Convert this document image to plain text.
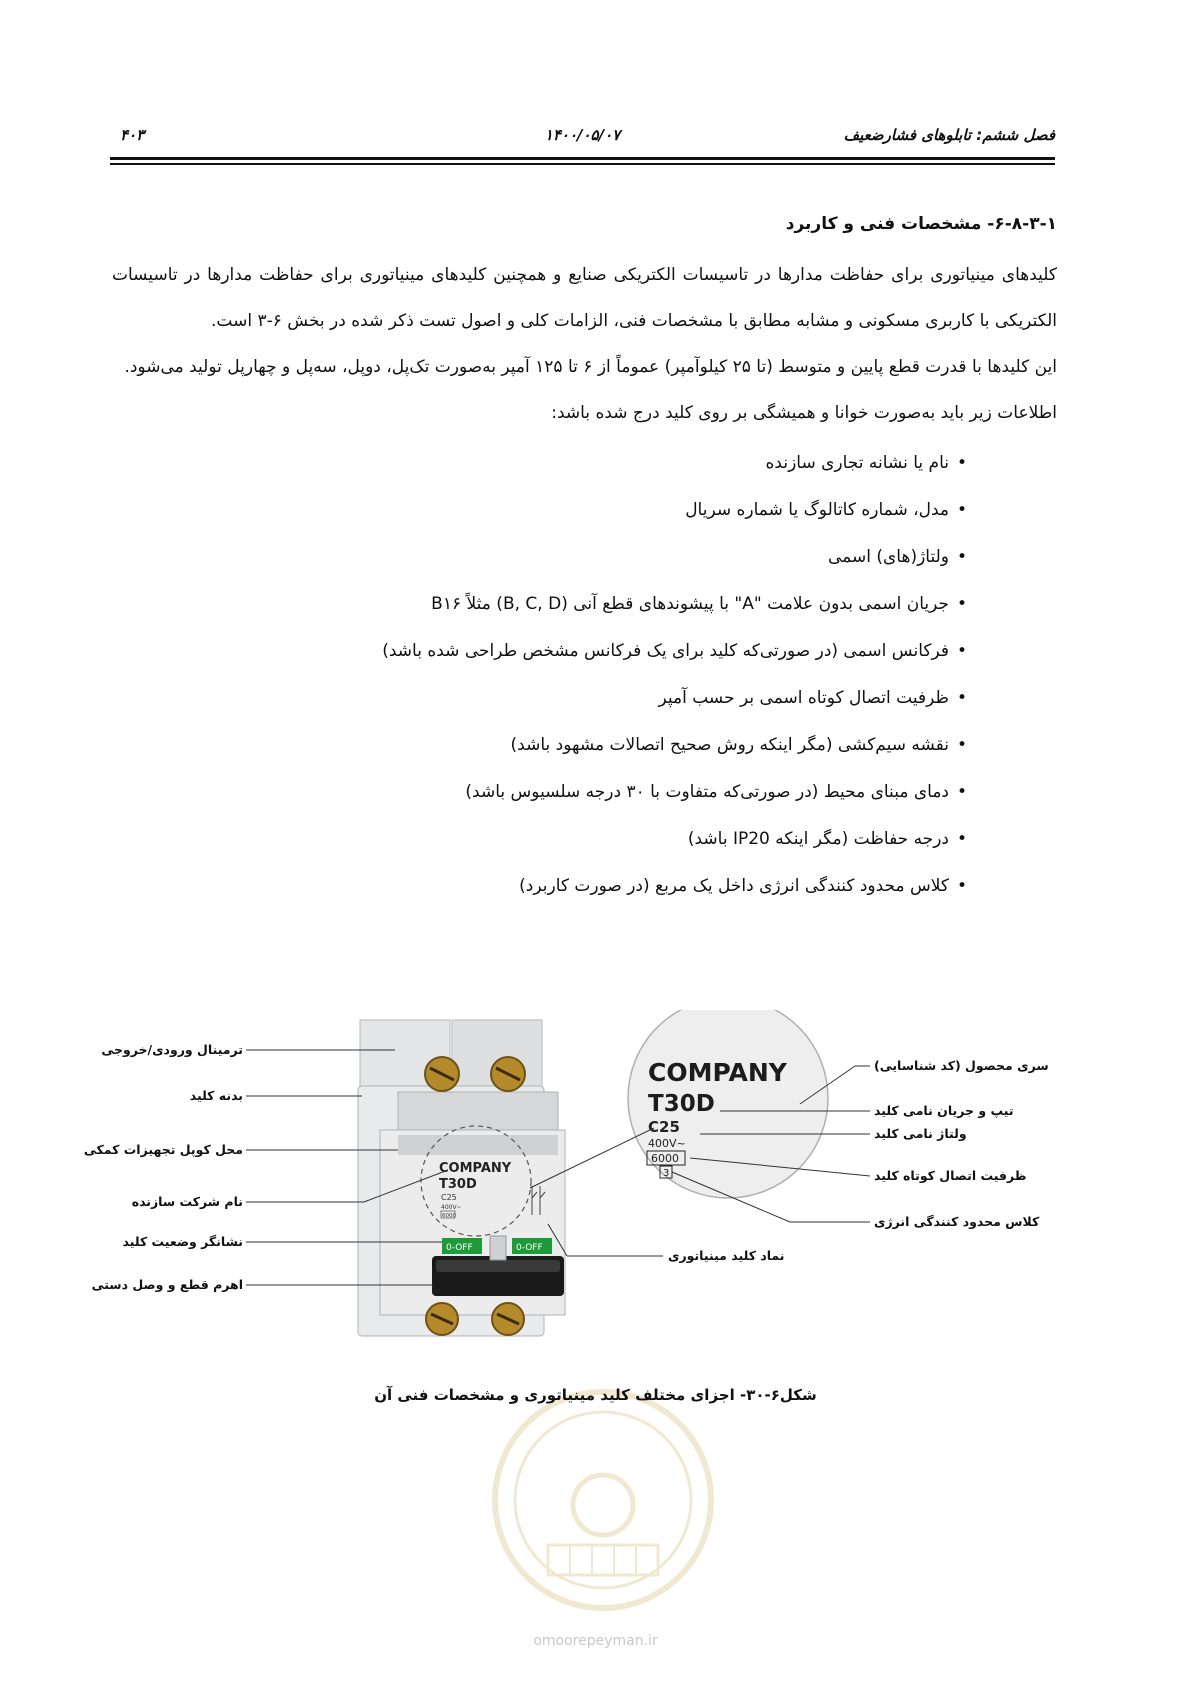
فصل ششم: تابلوهای فشارضعیف
۱۴۰۰/۰۵/۰۷
۴۰۳
۶-۸-۳-۱- مشخصات فنی و کاربرد

کلیدهای مینیاتوری برای حفاظت مدارها در تاسیسات الکتریکی صنایع و همچنین کلیدهای مینیاتوری برای حفاظت مدارها در تاسیسات الکتریکی با کاربری مسکونی و مشابه مطابق با مشخصات فنی، الزامات کلی و اصول تست ذکر شده در بخش ۶-۳ است.

این کلیدها با قدرت قطع پایین و متوسط (تا ۲۵ کیلوآمپر) عموماً از ۶ تا ۱۲۵ آمپر به‌صورت تک‌پل، دوپل، سه‌پل و چهارپل تولید می‌شود.

اطلاعات زیر باید به‌صورت خوانا و همیشگی بر روی کلید درج شده باشد:

• نام یا نشانه تجاری سازنده
• مدل، شماره کاتالوگ یا شماره سریال
• ولتاژ(های) اسمی
• جریان اسمی بدون علامت "A" با پیشوندهای قطع آنی (B, C, D) مثلاً B۱۶
• فرکانس اسمی (در صورتی‌که کلید برای یک فرکانس مشخص طراحی شده باشد)
• ظرفیت اتصال کوتاه اسمی بر حسب آمپر
• نقشه سیم‌کشی (مگر اینکه روش صحیح اتصالات مشهود باشد)
• دمای مبنای محیط (در صورتی‌که متفاوت با ۳۰ درجه سلسیوس باشد)
• درجه حفاظت (مگر اینکه IP20 باشد)
• کلاس محدود کنندگی انرژی داخل یک مربع (در صورت کاربرد)
COMPANY
T30D
C25
400V~
6000
0-OFF	0-OFF
COMPANY
T30D
C25
400V~
6000
3
ترمینال ورودی/خروجی
بدنه کلید
محل کوپل تجهیزات کمکی
نام شرکت سازنده
نشانگر وضعیت کلید
اهرم قطع و وصل دستی
سری محصول (کد شناسایی)
تیپ و جریان نامی کلید
ولتاژ نامی کلید
ظرفیت اتصال کوتاه کلید
کلاس محدود کنندگی انرژی
نماد کلید مینیاتوری
omoorepeyman.ir
شکل۶-۳۰- اجزای مختلف کلید مینیاتوری و مشخصات فنی آن
